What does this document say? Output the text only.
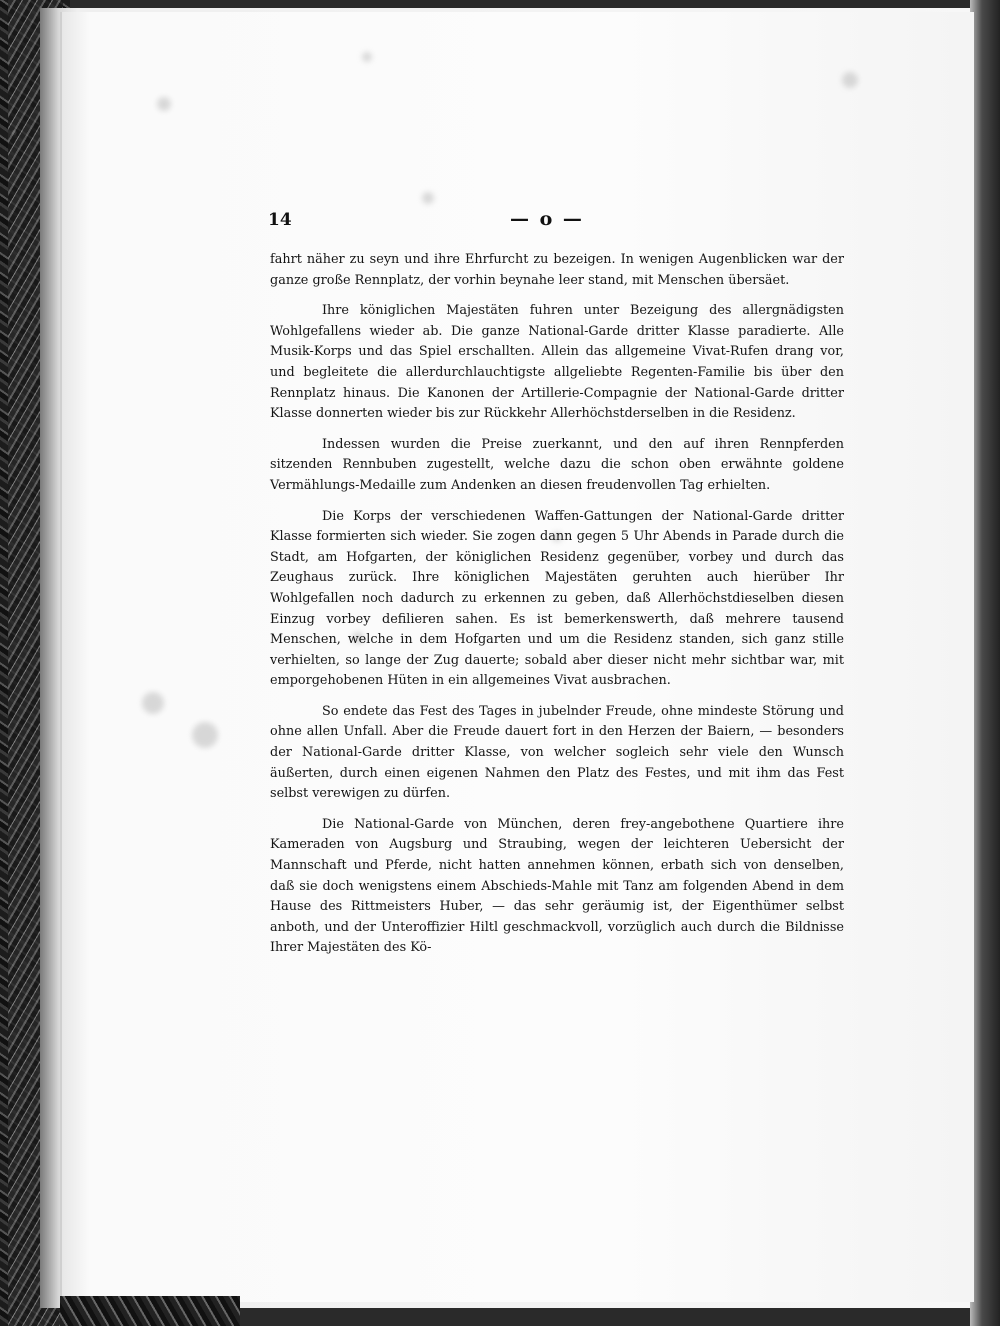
14	— o —

fahrt näher zu seyn und ihre Ehrfurcht zu bezeigen. In wenigen Augenblicken war der ganze große Rennplatz, der vorhin beynahe leer stand, mit Menschen übersäet.

Ihre königlichen Majestäten fuhren unter Bezeigung des allergnädigsten Wohlgefallens wieder ab. Die ganze National-Garde dritter Klasse paradierte. Alle Musik-Korps und das Spiel erschallten. Allein das allgemeine Vivat-Rufen drang vor, und begleitete die allerdurchlauchtigste allgeliebte Regenten-Familie bis über den Rennplatz hinaus. Die Kanonen der Artillerie-Compagnie der National-Garde dritter Klasse donnerten wieder bis zur Rückkehr Allerhöchstderselben in die Residenz.

Indessen wurden die Preise zuerkannt, und den auf ihren Rennpferden sitzenden Rennbuben zugestellt, welche dazu die schon oben erwähnte goldene Vermählungs-Medaille zum Andenken an diesen freudenvollen Tag erhielten.

Die Korps der verschiedenen Waffen-Gattungen der National-Garde dritter Klasse formierten sich wieder. Sie zogen dann gegen 5 Uhr Abends in Parade durch die Stadt, am Hofgarten, der königlichen Residenz gegenüber, vorbey und durch das Zeughaus zurück. Ihre königlichen Majestäten geruhten auch hierüber Ihr Wohlgefallen noch dadurch zu erkennen zu geben, daß Allerhöchstdieselben diesen Einzug vorbey defilieren sahen. Es ist bemerkenswerth, daß mehrere tausend Menschen, welche in dem Hofgarten und um die Residenz standen, sich ganz stille verhielten, so lange der Zug dauerte; sobald aber dieser nicht mehr sichtbar war, mit emporgehobenen Hüten in ein allgemeines Vivat ausbrachen.

So endete das Fest des Tages in jubelnder Freude, ohne mindeste Störung und ohne allen Unfall. Aber die Freude dauert fort in den Herzen der Baiern, — besonders der National-Garde dritter Klasse, von welcher sogleich sehr viele den Wunsch äußerten, durch einen eigenen Nahmen den Platz des Festes, und mit ihm das Fest selbst verewigen zu dürfen.

Die National-Garde von München, deren frey-angebothene Quartiere ihre Kameraden von Augsburg und Straubing, wegen der leichteren Uebersicht der Mannschaft und Pferde, nicht hatten annehmen können, erbath sich von denselben, daß sie doch wenigstens einem Abschieds-Mahle mit Tanz am folgenden Abend in dem Hause des Rittmeisters Huber, — das sehr geräumig ist, der Eigenthümer selbst anboth, und der Unteroffizier Hiltl geschmackvoll, vorzüglich auch durch die Bildnisse Ihrer Majestäten des Kö-
